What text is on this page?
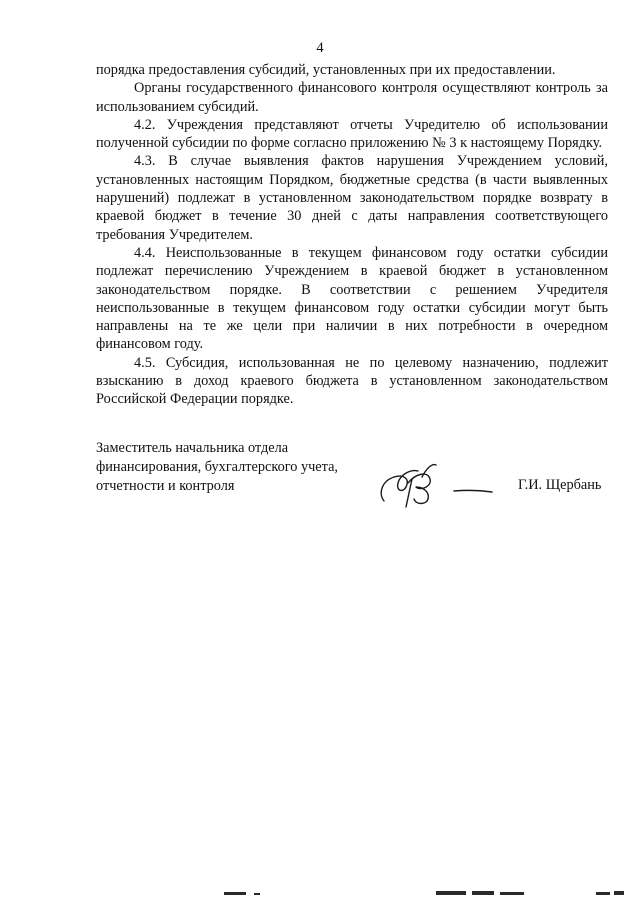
4

порядка предоставления субсидий, установленных при их предоставлении.

Органы государственного финансового контроля осуществляют контроль за использованием субсидий.

4.2. Учреждения представляют отчеты Учредителю об использовании полученной субсидии по форме согласно приложению № 3 к настоящему Порядку.

4.3. В случае выявления фактов нарушения Учреждением условий, установленных настоящим Порядком, бюджетные средства (в части выявленных нарушений) подлежат в установленном законодательством порядке возврату в краевой бюджет в течение 30 дней с даты направления соответствующего требования Учредителем.

4.4. Неиспользованные в текущем финансовом году остатки субсидии подлежат перечислению Учреждением в краевой бюджет в установленном законодательством порядке. В соответствии с решением Учредителя неиспользованные в текущем финансовом году остатки субсидии могут быть направлены на те же цели при наличии в них потребности в очередном финансовом году.

4.5. Субсидия, использованная не по целевому назначению, подлежит взысканию в доход краевого бюджета в установленном законодательством Российской Федерации порядке.

Заместитель начальника отдела
финансирования, бухгалтерского учета,
отчетности и контроля	Г.И. Щербань
